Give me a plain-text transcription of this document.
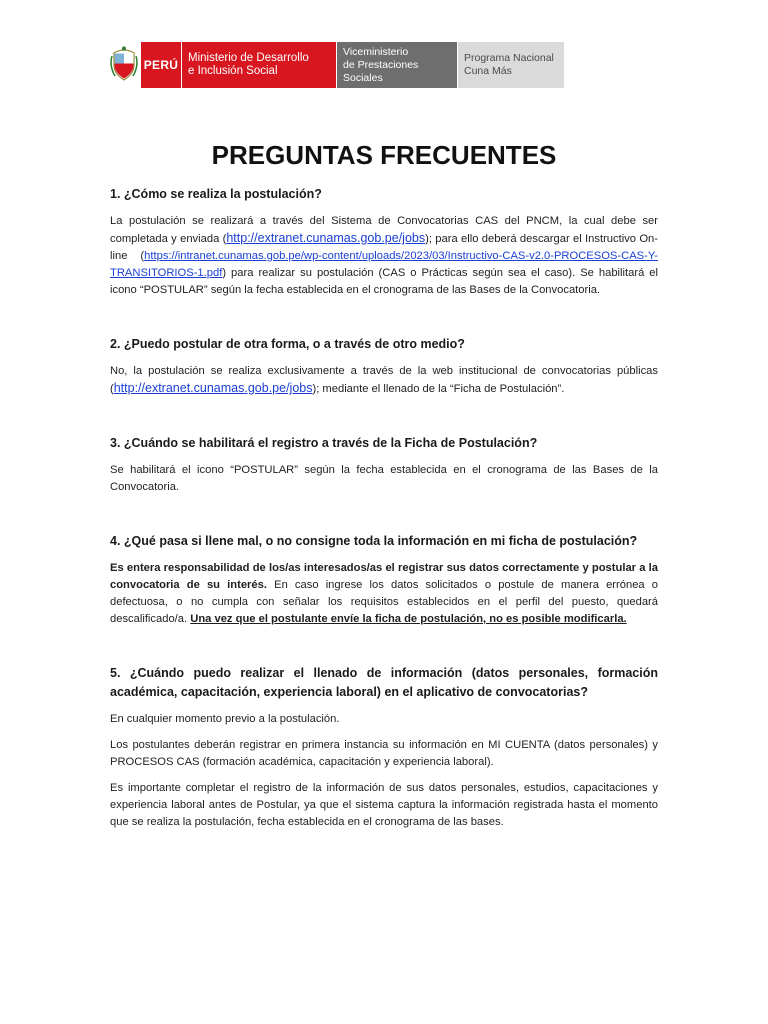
PERÚ Ministerio de Desarrollo
e Inclusión Social
Viceministerio
de Prestaciones Sociales
Programa Nacional
Cuna Más
PREGUNTAS FRECUENTES
1. ¿Cómo se realiza la postulación?
La postulación se realizará a través del Sistema de Convocatorias CAS del PNCM, la cual debe ser completada y enviada (http://extranet.cunamas.gob.pe/jobs); para ello deberá descargar el Instructivo On-line (https://intranet.cunamas.gob.pe/wp-content/uploads/2023/03/Instructivo-CAS-v2.0-PROCESOS-CAS-Y-TRANSITORIOS-1.pdf) para realizar su postulación (CAS o Prácticas según sea el caso). Se habilitará el icono “POSTULAR” según la fecha establecida en el cronograma de las Bases de la Convocatoria.
2. ¿Puedo postular de otra forma, o a través de otro medio?
No, la postulación se realiza exclusivamente a través de la web institucional de convocatorias públicas (http://extranet.cunamas.gob.pe/jobs); mediante el llenado de la “Ficha de Postulación”.
3. ¿Cuándo se habilitará el registro a través de la Ficha de Postulación?
Se habilitará el icono “POSTULAR” según la fecha establecida en el cronograma de las Bases de la Convocatoria.
4. ¿Qué pasa si llene mal, o no consigne toda la información en mi ficha de postulación?
Es entera responsabilidad de los/as interesados/as el registrar sus datos correctamente y postular a la convocatoria de su interés. En caso ingrese los datos solicitados o postule de manera errónea o defectuosa, o no cumpla con señalar los requisitos establecidos en el perfil del puesto, quedará descalificado/a. Una vez que el postulante envíe la ficha de postulación, no es posible modificarla.
5. ¿Cuándo puedo realizar el llenado de información (datos personales, formación académica, capacitación, experiencia laboral) en el aplicativo de convocatorias?
En cualquier momento previo a la postulación.
Los postulantes deberán registrar en primera instancia su información en MI CUENTA (datos personales) y PROCESOS CAS (formación académica, capacitación y experiencia laboral).
Es importante completar el registro de la información de sus datos personales, estudios, capacitaciones y experiencia laboral antes de Postular, ya que el sistema captura la información registrada hasta el momento que se realiza la postulación, fecha establecida en el cronograma de las bases.
